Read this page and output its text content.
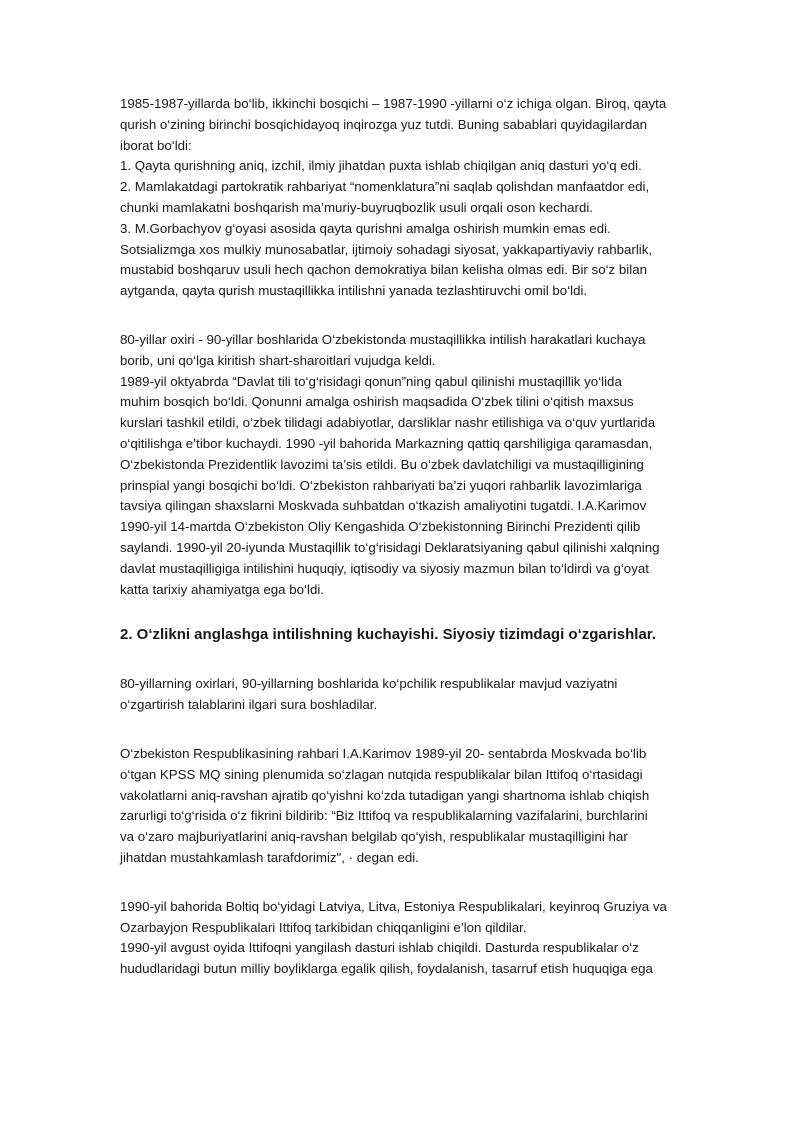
1985-1987-yillarda bo‘lib, ikkinchi bosqichi – 1987-1990 -yillarni o‘z ichiga olgan. Biroq, qayta
qurish o‘zining birinchi bosqichidayoq inqirozga yuz tutdi. Buning sabablari quyidagilardan
iborat bo‘ldi:
1. Qayta qurishning aniq, izchil, ilmiy jihatdan puxta ishlab chiqilgan aniq dasturi yo‘q edi.
2. Mamlakatdagi partokratik rahbariyat “nomenklatura”ni saqlab qolishdan manfaatdor edi,
chunki mamlakatni boshqarish ma’muriy-buyruqbozlik usuli orqali oson kechardi.
3. M.Gorbachyov g‘oyasi asosida qayta qurishni amalga oshirish mumkin emas edi.
Sotsializmga xos mulkiy munosabatlar, ijtimoiy sohadagi siyosat, yakkapartiyaviy rahbarlik,
mustabid boshqaruv usuli hech qachon demokratiya bilan kelisha olmas edi. Bir so‘z bilan
aytganda, qayta qurish mustaqillikka intilishni yanada tezlashtiruvchi omil bo‘ldi.

80-yillar oxiri - 90-yillar boshlarida O‘zbekistonda mustaqillikka intilish harakatlari kuchaya
borib, uni qo‘lga kiritish shart-sharoitlari vujudga keldi.
1989-yil oktyabrda “Davlat tili to‘g‘risidagi qonun”ning qabul qilinishi mustaqillik yo‘lida
muhim bosqich bo‘ldi. Qonunni amalga oshirish maqsadida O‘zbek tilini o‘qitish maxsus
kurslari tashkil etildi, o‘zbek tilidagi adabiyotlar, darsliklar nashr etilishiga va o‘quv yurtlarida
o‘qitilishga e’tibor kuchaydi. 1990 -yil bahorida Markazning qattiq qarshiligiga qaramasdan,
O‘zbekistonda Prezidentlik lavozimi ta’sis etildi. Bu o‘zbek davlatchiligi va mustaqilligining
prinspial yangi bosqichi bo‘ldi. O‘zbekiston rahbariyati ba’zi yuqori rahbarlik lavozimlariga
tavsiya qilingan shaxslarni Moskvada suhbatdan o‘tkazish amaliyotini tugatdi. I.A.Karimov
1990-yil 14-martda O‘zbekiston Oliy Kengashida O‘zbekistonning Birinchi Prezidenti qilib
saylandi. 1990-yil 20-iyunda Mustaqillik to‘g‘risidagi Deklaratsiyaning qabul qilinishi xalqning
davlat mustaqilligiga intilishini huquqiy, iqtisodiy va siyosiy mazmun bilan to‘ldirdi va g‘oyat
katta tarixiy ahamiyatga ega bo‘ldi.

2. O‘zlikni anglashga intilishning kuchayishi. Siyosiy tizimdagi o‘zgarishlar.

80-yillarning oxirlari, 90-yillarning boshlarida ko‘pchilik respublikalar mavjud vaziyatni
o‘zgartirish talablarini ilgari sura boshladilar.

O‘zbekiston Respublikasining rahbari I.A.Karimov 1989-yil 20- sentabrda Moskvada bo‘lib
o‘tgan KPSS MQ sining plenumida so‘zlagan nutqida respublikalar bilan Ittifoq o‘rtasidagi
vakolatlarni aniq-ravshan ajratib qo‘yishni ko‘zda tutadigan yangi shartnoma ishlab chiqish
zarurligi to‘g‘risida o‘z fikrini bildirib: “Biz Ittifoq va respublikalarning vazifalarini, burchlarini
va o‘zaro majburiyatlarini aniq-ravshan belgilab qo‘yish, respublikalar mustaqilligini har
jihatdan mustahkamlash tarafdorimiz", · degan edi.

1990-yil bahorida Boltiq bo‘yidagi Latviya, Litva, Estoniya Respublikalari, keyinroq Gruziya va
Ozarbayjon Respublikalari Ittifoq tarkibidan chiqqanligini e’lon qildilar.
1990-yil avgust oyida Ittifoqni yangilash dasturi ishlab chiqildi. Dasturda respublikalar o‘z
hududlaridagi butun milliy boyliklarga egalik qilish, foydalanish, tasarruf etish huquqiga ega
